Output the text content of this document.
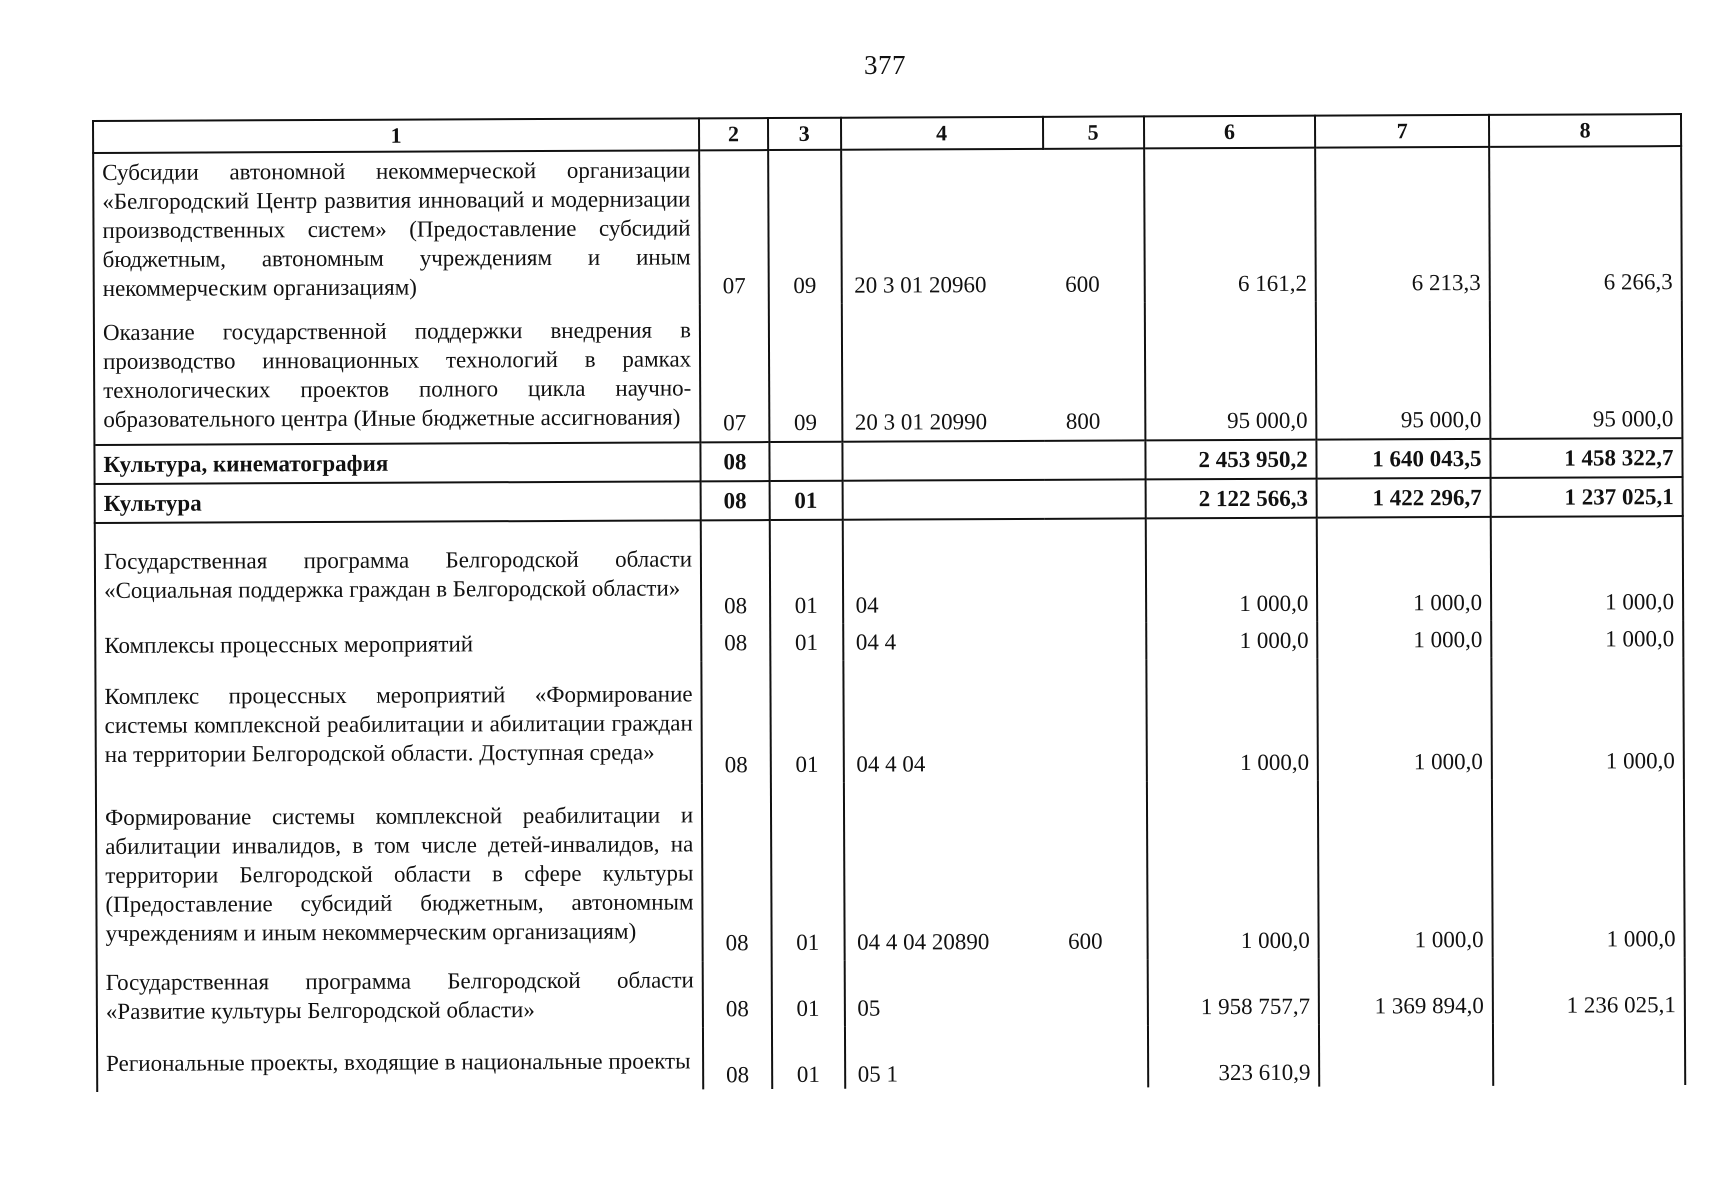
377
1	2	3	4	5	6	7	8
Субсидии автономной некоммерческой организации «Белгородский Центр развития инноваций и модернизации производственных систем» (Предоставление субсидий бюджетным, автономным учреждениям и иным некоммерческим организациям)	07	09	20 3 01 20960	600	6 161,2	6 213,3	6 266,3
Оказание государственной поддержки внедрения в производство инновационных технологий в рамках технологических проектов полного цикла научно-образовательного центра (Иные бюджетные ассигнования)	07	09	20 3 01 20990	800	95 000,0	95 000,0	95 000,0
Культура, кинематография	08				2 453 950,2	1 640 043,5	1 458 322,7
Культура	08	01			2 122 566,3	1 422 296,7	1 237 025,1
Государственная программа Белгородской области «Социальная поддержка граждан в Белгородской области»	08	01	04		1 000,0	1 000,0	1 000,0
Комплексы процессных мероприятий	08	01	04 4		1 000,0	1 000,0	1 000,0
Комплекс процессных мероприятий «Формирование системы комплексной реабилитации и абилитации граждан на территории Белгородской области. Доступная среда»	08	01	04 4 04		1 000,0	1 000,0	1 000,0
Формирование системы комплексной реабилитации и абилитации инвалидов, в том числе детей-инвалидов, на территории Белгородской области в сфере культуры (Предоставление субсидий бюджетным, автономным учреждениям и иным некоммерческим организациям)	08	01	04 4 04 20890	600	1 000,0	1 000,0	1 000,0
Государственная программа Белгородской области «Развитие культуры Белгородской области»	08	01	05		1 958 757,7	1 369 894,0	1 236 025,1
Региональные проекты, входящие в национальные проекты	08	01	05 1		323 610,9		
